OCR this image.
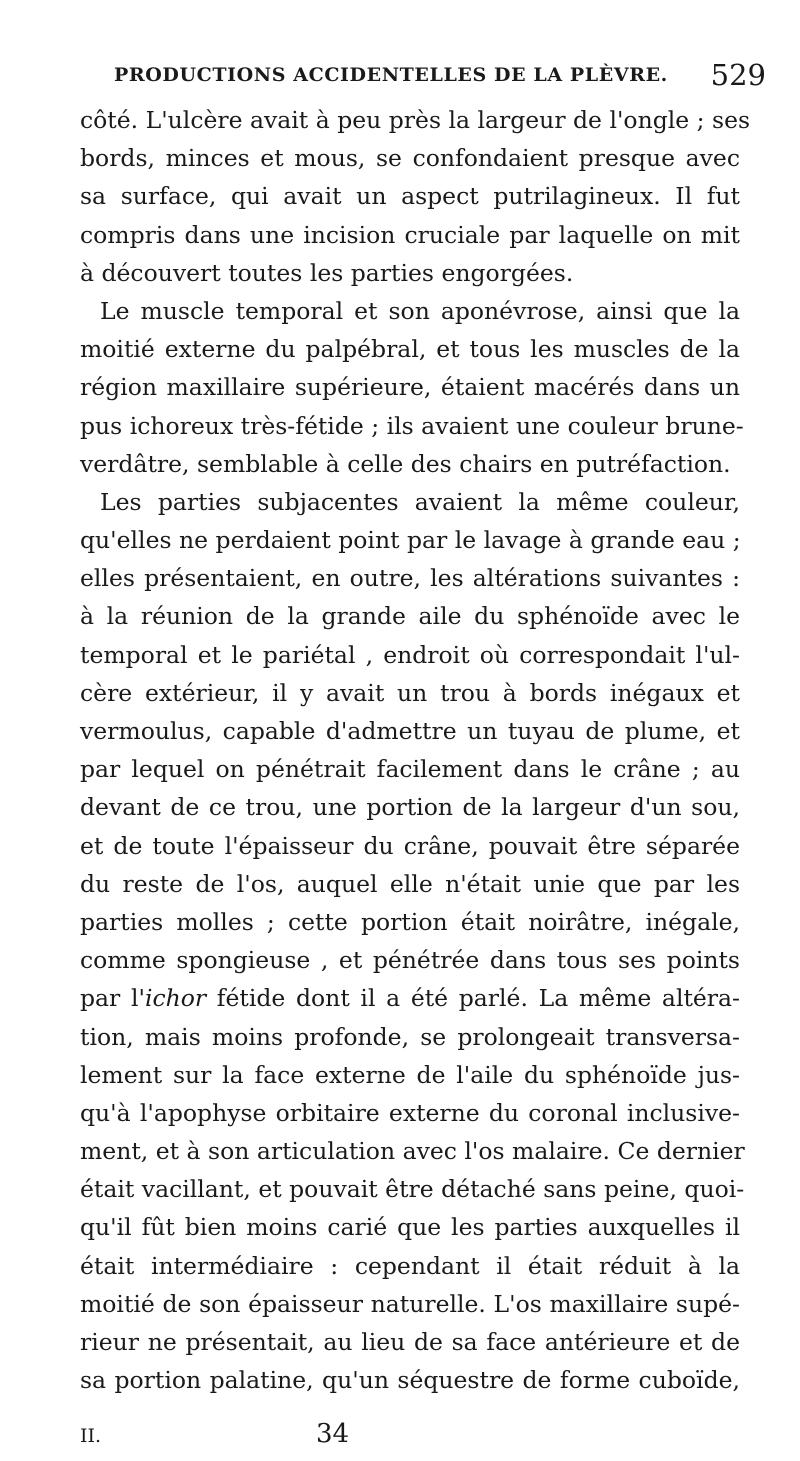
PRODUCTIONS ACCIDENTELLES DE LA PLÈVRE. 529
côté. L'ulcère avait à peu près la largeur de l'ongle ; ses
bords, minces et mous, se confondaient presque avec
sa surface, qui avait un aspect putrilagineux. Il fut
compris dans une incision cruciale par laquelle on mit
à découvert toutes les parties engorgées.
Le muscle temporal et son aponévrose, ainsi que la
moitié externe du palpébral, et tous les muscles de la
région maxillaire supérieure, étaient macérés dans un
pus ichoreux très-fétide ; ils avaient une couleur brune-
verdâtre, semblable à celle des chairs en putréfaction.
Les parties subjacentes avaient la même couleur,
qu'elles ne perdaient point par le lavage à grande eau ;
elles présentaient, en outre, les altérations suivantes :
à la réunion de la grande aile du sphénoïde avec le
temporal et le pariétal , endroit où correspondait l'ul-
cère extérieur, il y avait un trou à bords inégaux et
vermoulus, capable d'admettre un tuyau de plume, et
par lequel on pénétrait facilement dans le crâne ; au
devant de ce trou, une portion de la largeur d'un sou,
et de toute l'épaisseur du crâne, pouvait être séparée
du reste de l'os, auquel elle n'était unie que par les
parties molles ; cette portion était noirâtre, inégale,
comme spongieuse , et pénétrée dans tous ses points
par l'ichor fétide dont il a été parlé. La même altéra-
tion, mais moins profonde, se prolongeait transversa-
lement sur la face externe de l'aile du sphénoïde jus-
qu'à l'apophyse orbitaire externe du coronal inclusive-
ment, et à son articulation avec l'os malaire. Ce dernier
était vacillant, et pouvait être détaché sans peine, quoi-
qu'il fût bien moins carié que les parties auxquelles il
était intermédiaire : cependant il était réduit à la
moitié de son épaisseur naturelle. L'os maxillaire supé-
rieur ne présentait, au lieu de sa face antérieure et de
sa portion palatine, qu'un séquestre de forme cuboïde,
II.	34
